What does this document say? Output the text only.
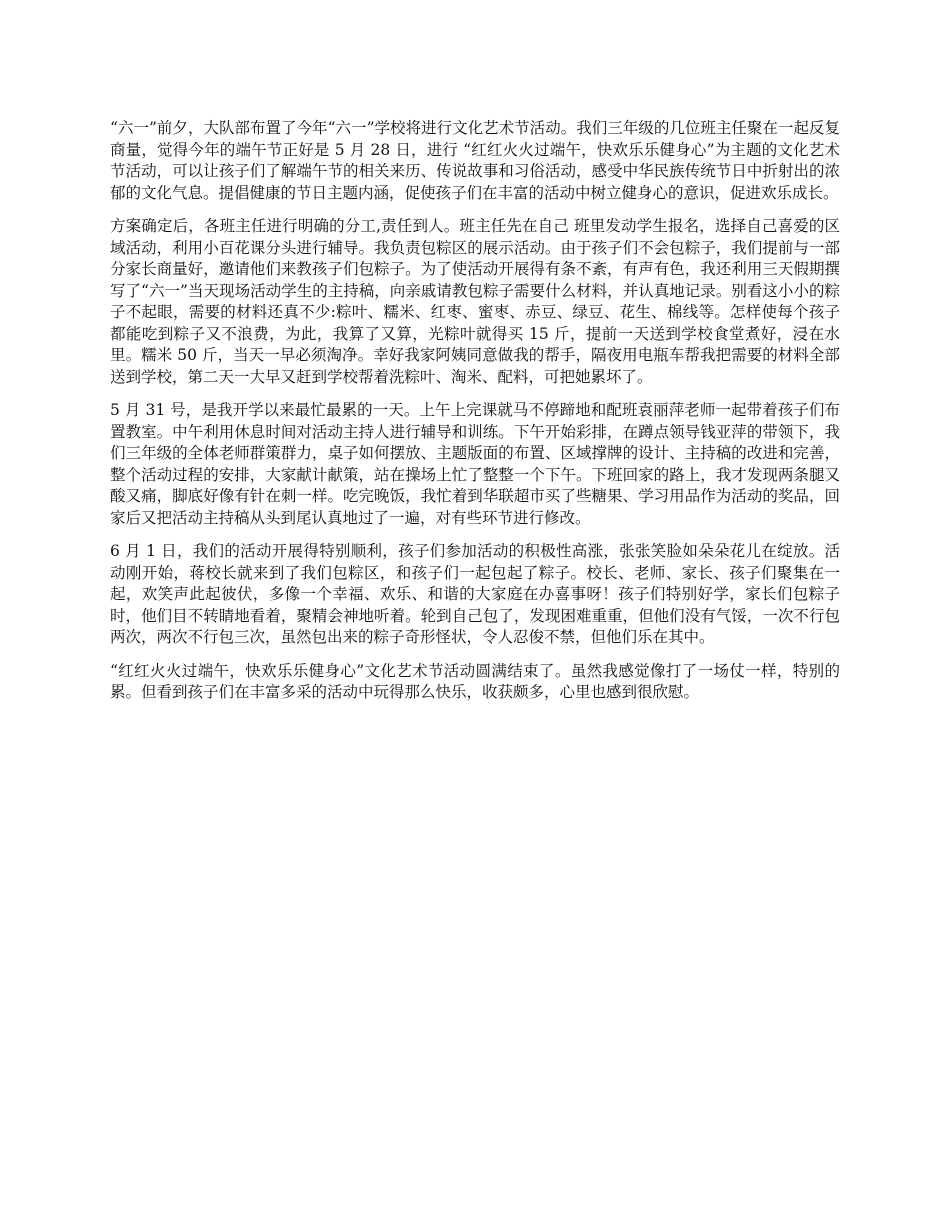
“六一”前夕，大队部布置了今年“六一”学校将进行文化艺术节活动。我们三年级的几位班主任聚在一起反复商量，觉得今年的端午节正好是 5 月 28 日，进行 “红红火火过端午，快欢乐乐健身心”为主题的文化艺术节活动，可以让孩子们了解端午节的相关来历、传说故事和习俗活动，感受中华民族传统节日中折射出的浓郁的文化气息。提倡健康的节日主题内涵，促使孩子们在丰富的活动中树立健身心的意识，促进欢乐成长。

方案确定后，各班主任进行明确的分工,责任到人。班主任先在自己 班里发动学生报名，选择自己喜爱的区域活动，利用小百花课分头进行辅导。我负责包粽区的展示活动。由于孩子们不会包粽子，我们提前与一部分家长商量好，邀请他们来教孩子们包粽子。为了使活动开展得有条不紊，有声有色，我还利用三天假期撰写了“六一”当天现场活动学生的主持稿，向亲戚请教包粽子需要什么材料，并认真地记录。别看这小小的粽子不起眼，需要的材料还真不少:粽叶、糯米、红枣、蜜枣、赤豆、绿豆、花生、棉线等。怎样使每个孩子都能吃到粽子又不浪费，为此，我算了又算，光粽叶就得买 15 斤，提前一天送到学校食堂煮好，浸在水里。糯米 50 斤，当天一早必须淘净。幸好我家阿姨同意做我的帮手，隔夜用电瓶车帮我把需要的材料全部送到学校，第二天一大早又赶到学校帮着洗粽叶、淘米、配料，可把她累坏了。

5 月 31 号，是我开学以来最忙最累的一天。上午上完课就马不停蹄地和配班袁丽萍老师一起带着孩子们布置教室。中午利用休息时间对活动主持人进行辅导和训练。下午开始彩排，在蹲点领导钱亚萍的带领下，我们三年级的全体老师群策群力，桌子如何摆放、主题版面的布置、区域撑牌的设计、主持稿的改进和完善，整个活动过程的安排，大家献计献策，站在操场上忙了整整一个下午。下班回家的路上，我才发现两条腿又酸又痛，脚底好像有针在刺一样。吃完晚饭，我忙着到华联超市买了些糖果、学习用品作为活动的奖品，回家后又把活动主持稿从头到尾认真地过了一遍，对有些环节进行修改。

6 月 1 日，我们的活动开展得特别顺利，孩子们参加活动的积极性高涨，张张笑脸如朵朵花儿在绽放。活动刚开始，蒋校长就来到了我们包粽区，和孩子们一起包起了粽子。校长、老师、家长、孩子们聚集在一起，欢笑声此起彼伏，多像一个幸福、欢乐、和谐的大家庭在办喜事呀！孩子们特别好学，家长们包粽子时，他们目不转睛地看着，聚精会神地听着。轮到自己包了，发现困难重重，但他们没有气馁，一次不行包两次，两次不行包三次，虽然包出来的粽子奇形怪状，令人忍俊不禁，但他们乐在其中。

“红红火火过端午，快欢乐乐健身心”文化艺术节活动圆满结束了。虽然我感觉像打了一场仗一样，特别的累。但看到孩子们在丰富多采的活动中玩得那么快乐，收获颇多，心里也感到很欣慰。
